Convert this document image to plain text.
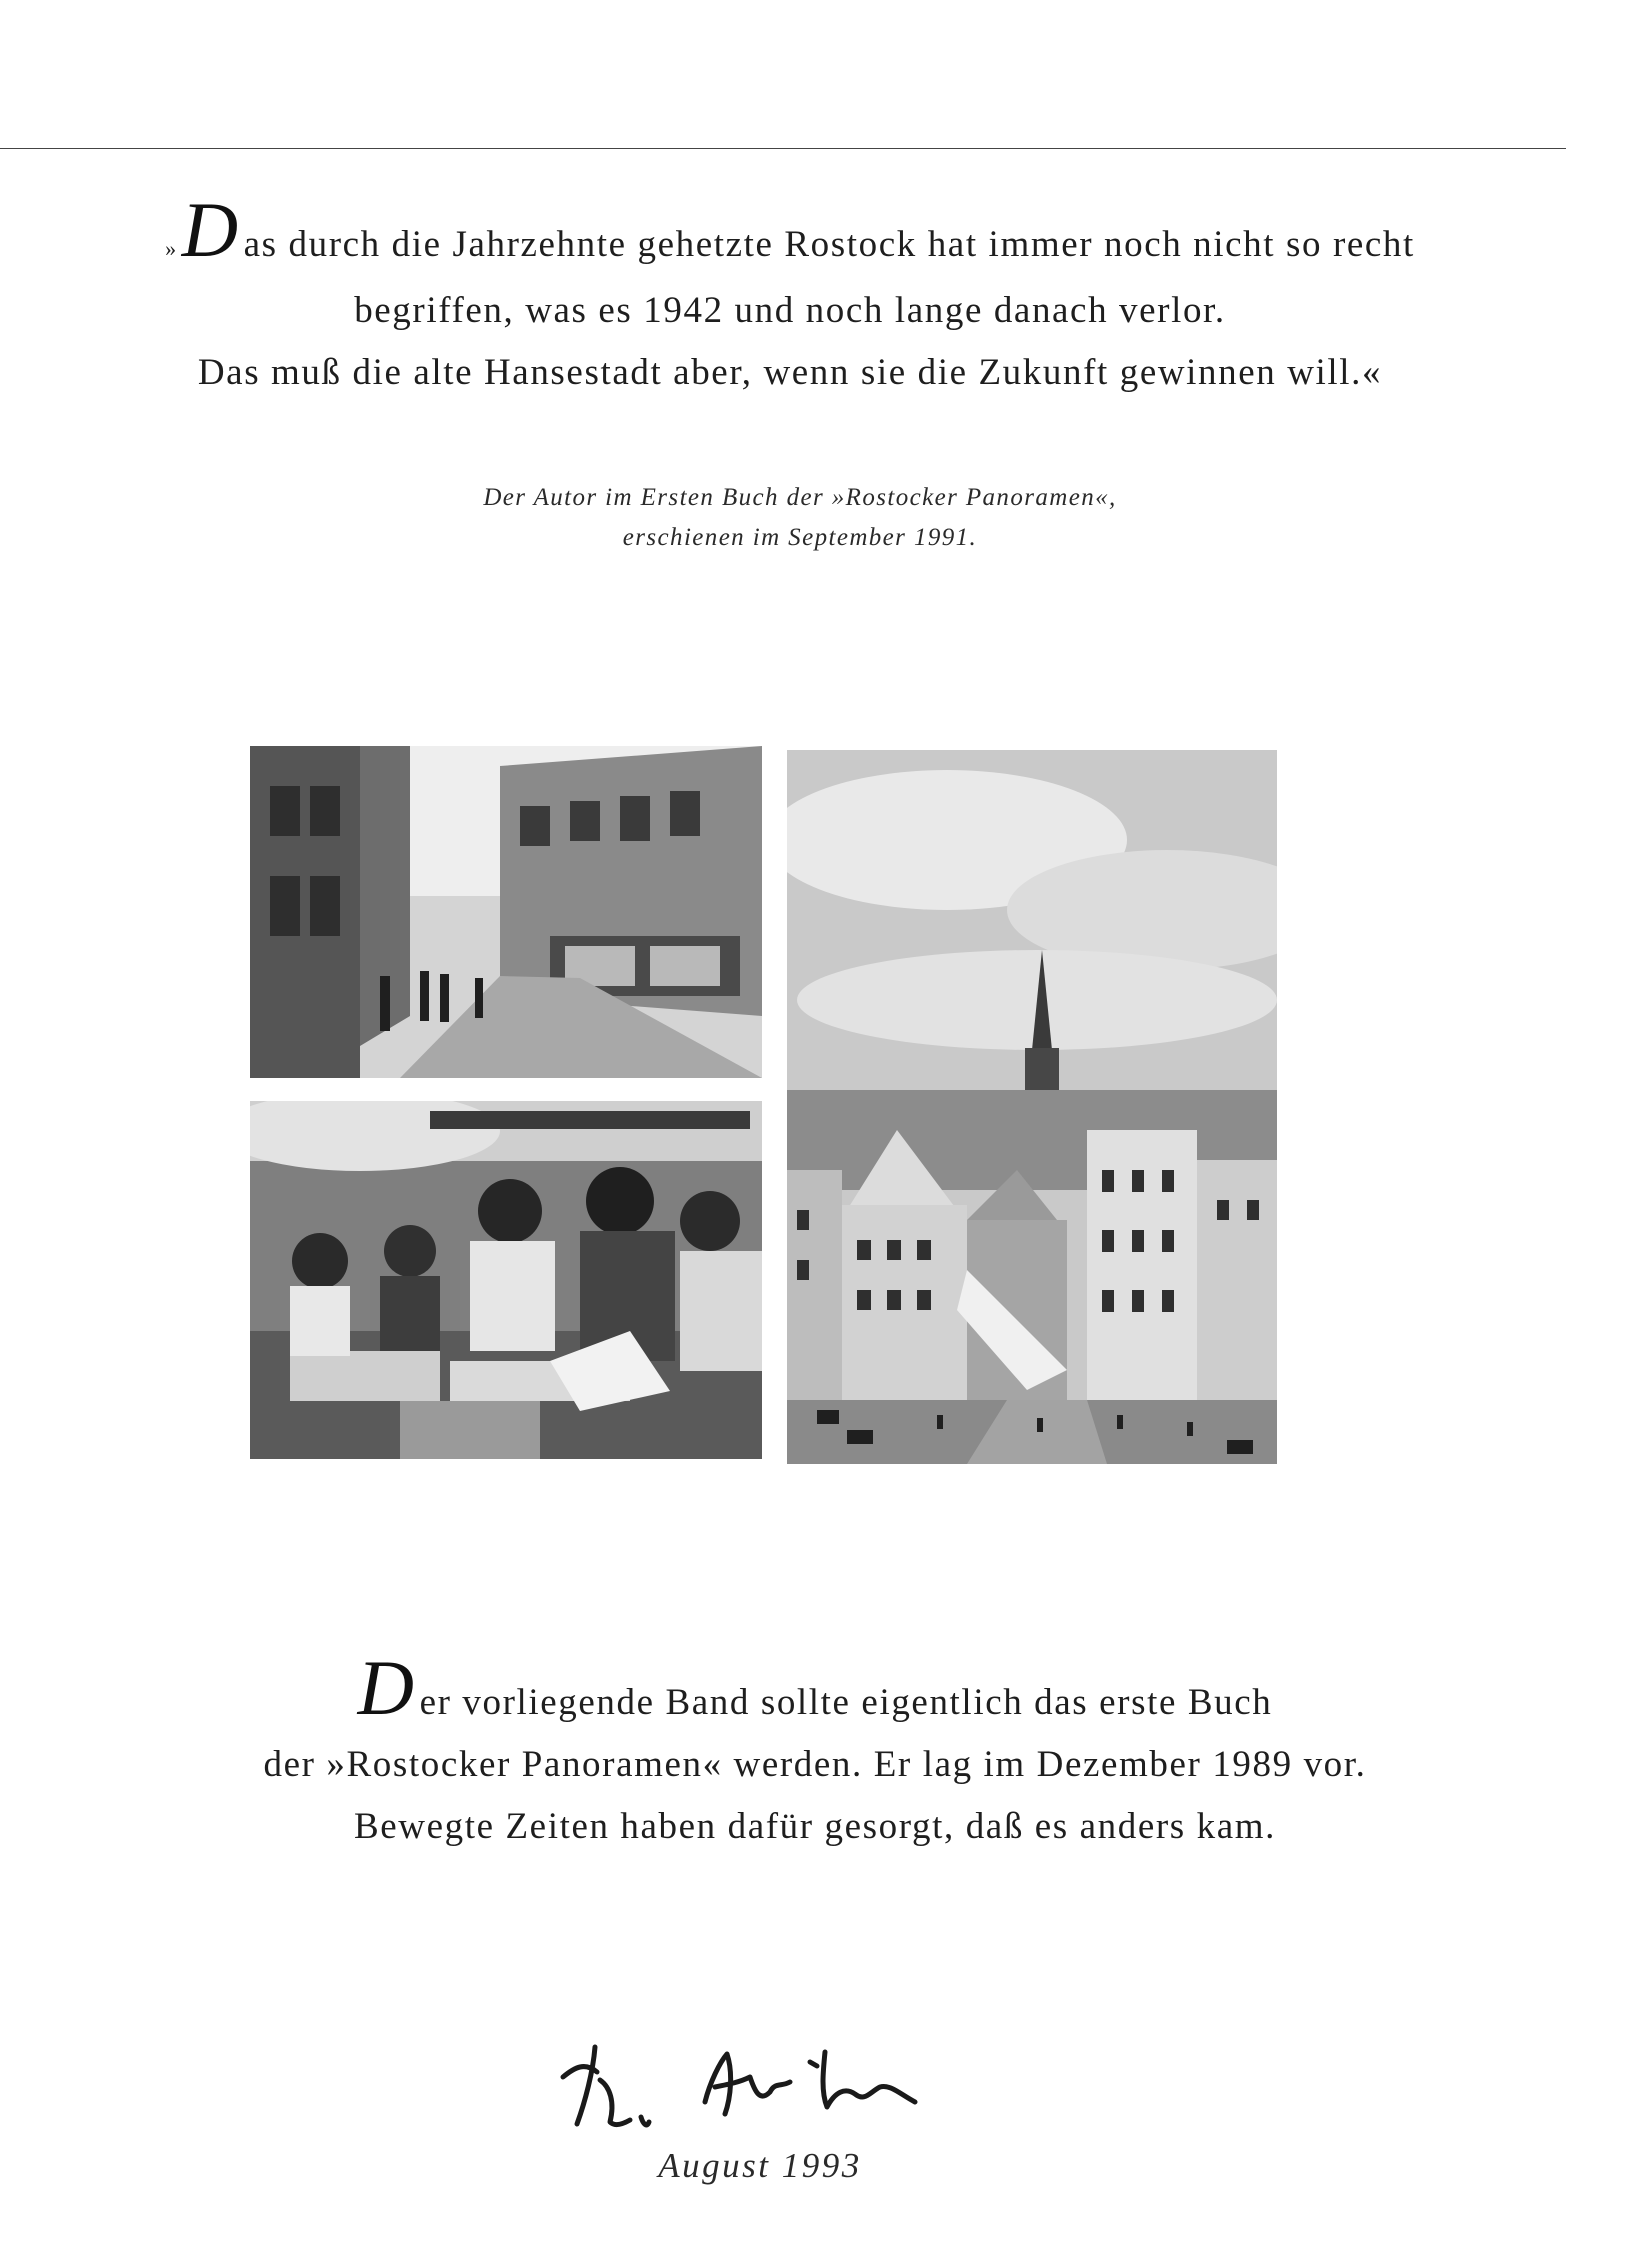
»D as durch die Jahrzehnte gehetzte Rostock hat immer noch nicht so recht
begriffen, was es 1942 und noch lange danach verlor.
Das muß die alte Hansestadt aber, wenn sie die Zukunft gewinnen will.«
Der Autor im Ersten Buch der »Rostocker Panoramen«,
erschienen im September 1991.
Der vorliegende Band sollte eigentlich das erste Buch
der »Rostocker Panoramen« werden. Er lag im Dezember 1989 vor.
Bewegte Zeiten haben dafür gesorgt, daß es anders kam.
August 1993
